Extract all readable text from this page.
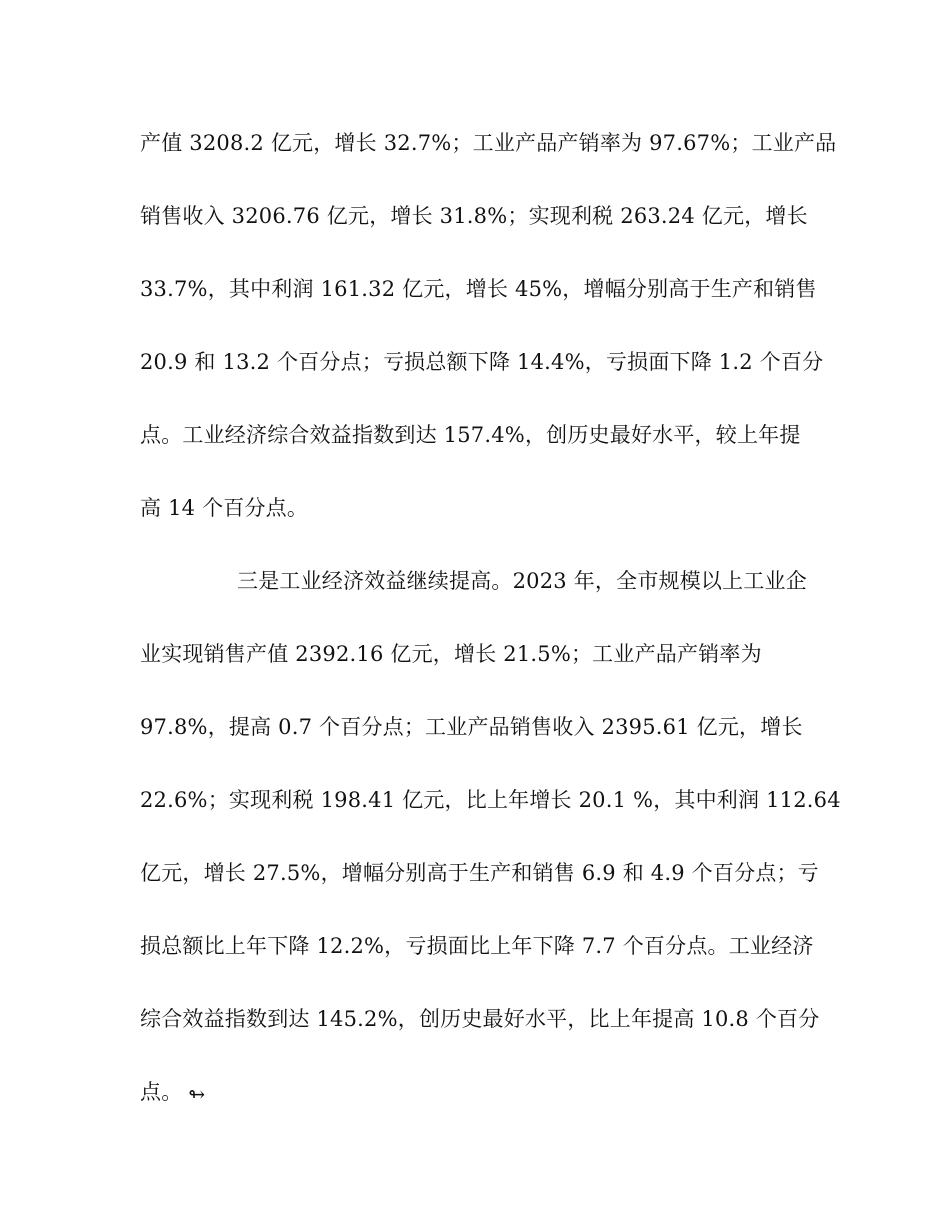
产值 3208.2 亿元，增长 32.7%；工业产品产销率为 97.67%；工业产品
销售收入 3206.76 亿元，增长 31.8%；实现利税 263.24 亿元，增长
33.7%，其中利润 161.32 亿元，增长 45%，增幅分别高于生产和销售
20.9 和 13.2 个百分点；亏损总额下降 14.4%，亏损面下降 1.2 个百分
点。工业经济综合效益指数到达 157.4%，创历史最好水平，较上年提
高 14 个百分点。
三是工业经济效益继续提高。2023 年，全市规模以上工业企
业实现销售产值 2392.16 亿元，增长 21.5%；工业产品产销率为
97.8%，提高 0.7 个百分点；工业产品销售收入 2395.61 亿元，增长
22.6%；实现利税 198.41 亿元，比上年增长 20.1 %，其中利润 112.64
亿元，增长 27.5%，增幅分别高于生产和销售 6.9 和 4.9 个百分点；亏
损总额比上年下降 12.2%，亏损面比上年下降 7.7 个百分点。工业经济
综合效益指数到达 145.2%，创历史最好水平，比上年提高 10.8 个百分
点。 ↬
